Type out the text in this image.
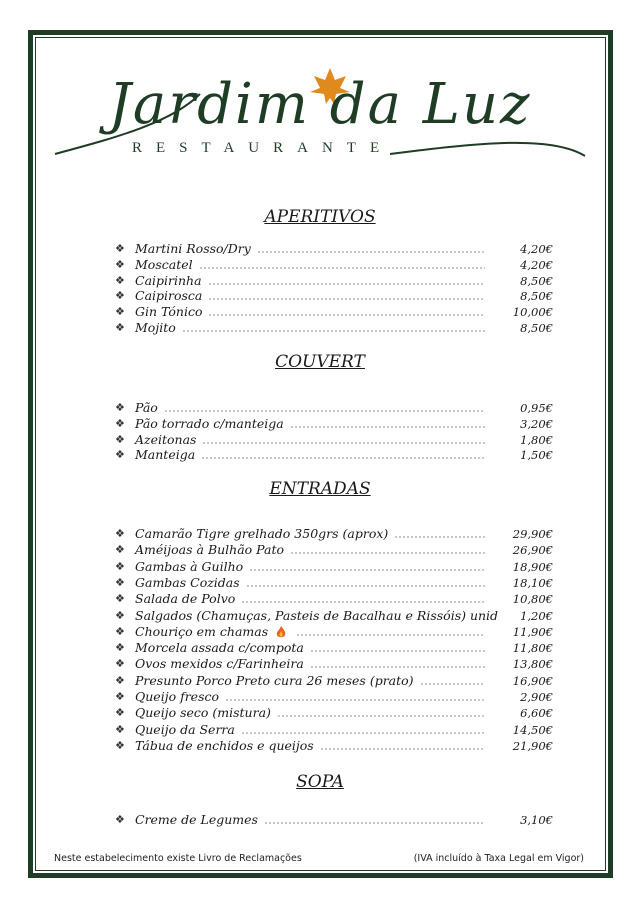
Jardim da Luz
RESTAURANTE
APERITIVOS
❖ Martini Rosso/Dry	4,20€
❖ Moscatel	4,20€
❖ Caipirinha	8,50€
❖ Caipirosca	8,50€
❖ Gin Tónico	10,00€
❖ Mojito	8,50€
COUVERT
❖ Pão	0,95€
❖ Pão torrado c/manteiga	3,20€
❖ Azeitonas	1,80€
❖ Manteiga	1,50€
ENTRADAS
❖ Camarão Tigre grelhado 350grs (aprox)	29,90€
❖ Améijoas à Bulhão Pato	26,90€
❖ Gambas à Guilho	18,90€
❖ Gambas Cozidas	18,10€
❖ Salada de Polvo	10,80€
❖ Salgados (Chamuças, Pasteis de Bacalhau e Rissóis) unid	1,20€
❖ Chouriço em chamas	11,90€
❖ Morcela assada c/compota	11,80€
❖ Ovos mexidos c/Farinheira	13,80€
❖ Presunto Porco Preto cura 26 meses (prato)	16,90€
❖ Queijo fresco	2,90€
❖ Queijo seco (mistura)	6,60€
❖ Queijo da Serra	14,50€
❖ Tábua de enchidos e queijos	21,90€
SOPA
❖ Creme de Legumes	3,10€
Neste estabelecimento existe Livro de Reclamações	(IVA incluído à Taxa Legal em Vigor)
